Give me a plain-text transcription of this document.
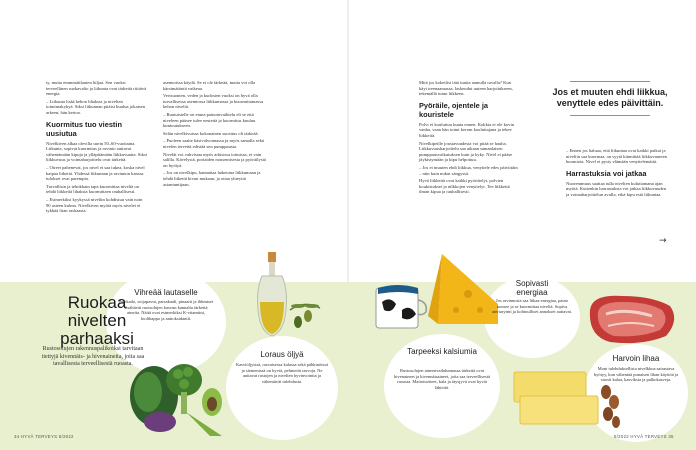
ty, mutta emmmätilauten hiljaa. Sen vuoksi terveellinen ruokavalio ja liikunta ovat tärkeitä riittävä energia.

– Liikunta lisää kehon lihaksia ja nivelten toimintakykyä. Siksi liikunnan pitäisi kuulua jokaisen arkeen, hän kertoo.

Kuormitus tuo viestin uusiutua

Nivelkiven alkaa olevilla usein 50–60-vuotiaina. Liikunta, sopivat kuormitus ja ravinto auttavat vähentämään kipuja ja ylläpitämään liikkuvuutta. Siksi liikkuvuus ja voimaharjoittelu ovat tärkeitä.

– Oireet pahenevat, jos nivel ei saa tukea, koska nivel kaipaa liikettä. Yhdessä liikunnan ja ravinnon kanssa tulokset ovat parempia.

Turvallisin ja tehokkain tapa kuormittaa niveliä on tehdä liikkeitä lihaksia kuormittaen rauhallisesti.

– Esimerkiksi kyykyssä niveliin kohdistuu vain noin 90 asteen kulma. Nivelkiven myötä myös nivelet ei tykkää liian raskaasta.

asennoissa käydä. Se ei ole tärkeää, mutta voi olla kärsimätöntä vaikeaa.

Verisuonten, veden ja kudosten vuoksi on hyvä olla turvallisessa asennossa liikkumassa ja kuormittamassa kehon niveliä.

– Ruutuistelle on etuna painoinvaihtelu eli se että niveleen pääsee tulee nestettä ja kuormitus kuuluu kuntoutukseen.

Selän nivelkivuissa kokonainen suositus oli tärkeää.

– Puoleen saatte käsivalvonnassa ja myös samalla sekä nivelen tervettä edistää sen pumppausta.

Nivelät voi vahvistaa myös arkisissa toimissa, ei vain salilla. Kävelystä, portaiden nousemisesta ja pyöräilystä on hyötyä.

– Jos on nivelkipu, kannattaa hakeutua liikkumaan ja tehdä liikettä kivun mukaan, ja ottaa yhteyttä asiantuntijaan.

Mitä jos kokeilisi tätä tuntia aamulla ravalla? Kun käyt treenaamassa, laskeudut uuteen harjoitukseen, tekemällä tutun liikkeen.

Pyöräile, ojentele ja kouristele

Polvi ei kouluttuu kuuta ennen. Kokkia ei ole kovin vanha, vaan hän toimi kerran kouluttajana ja tekee liikkeitä.

Nivelkipeille joustavuudesta voi pitää se hauha. Liikkuvuusharjoittelu saa aikaan samanlaisen pumppausvaikutuksen kuin ja kyky. Nivel ei pääse jäykistymään ja kipu helpottuu.

– Jos ei muuten ehdi liikkua, venyttele edes päivittäin – niin kuin nukut sängyssä.

Hyvä liikkeitä ovat kaikki pyörittelyt, polvien koukistukset ja nilkkojen venyttelyt. Tee liikkeitä ilman kipua ja rauhallisesti.

Jos et muuten ehdi liikkua, venyttele edes päivittäin.

– Ennen jos haluaa, että liikuntaa ovat kaikki paikat ja niveliin saa kuormaa, on syytä kiinnittää liikkuvuuteen huomiota. Nivel ei pysty elämään venyttelemättä.

Harrastuksia voi jatkaa

Nuoremmuus saattaa tulla nivelten kuluttamana ajan myötä. Kuitenkin harrastuksia voi jatkaa liikkuvuuden ja voimaharjoittelun avulla, eikä kipu estä liikuntaa.

→
Ruokaa nivelten parhaaksi
Rustosolujen rakennuspalikoiksi tarvitaan tiettyjä kivennäis- ja hivenaineita, joita saa tavallisesta terveellisestä ruoasta.
Vihreää lautaselle
Avokado, soijapavut, parsakaali, pinaatti ja ihhmiset sisältävät ruotsolujen kasvun kannalta tärkeitä aineita. Näitä ovat esimerkiksi K-vitamiini, foolihappo ja antioksidantit.
Loraus öljyä
Kasviöljyissä, rasvaisessa kalassa sekä pähkinöissä ja siemenissä on hyviä, pehmeitä rasvoja. Ne auttavat rustojen ja nivelten hyvinvointia ja vähentävät tulehdusta.
Tarpeeksi kalsiumia
Rustosolujen aineenvaihdunnassa tärkeitä ovat hivenaineet ja kivennäisaineet, joita saa terveellisestä ruoasta. Maitotuotteet, kala ja täysjyvä ovat hyviä lähteitä.
Sopivasti energiaa
Jos ravinnosta saa liikaa energiaa, paino nousee ja se kuormittaa niveliä. Sopiva ateriarytmi ja kohtuulliset annokset auttavat.
Harvoin lihaa
Moni tulehduksellista nivelkkoa sairastava hyötyy, kun vähentää punaisen lihan käyttöä ja suosii kalaa, kasviksia ja palkokasveja.
34 HYVÄ TERVEYS 8/2022	8/2022 HYVÄ TERVEYS 35
